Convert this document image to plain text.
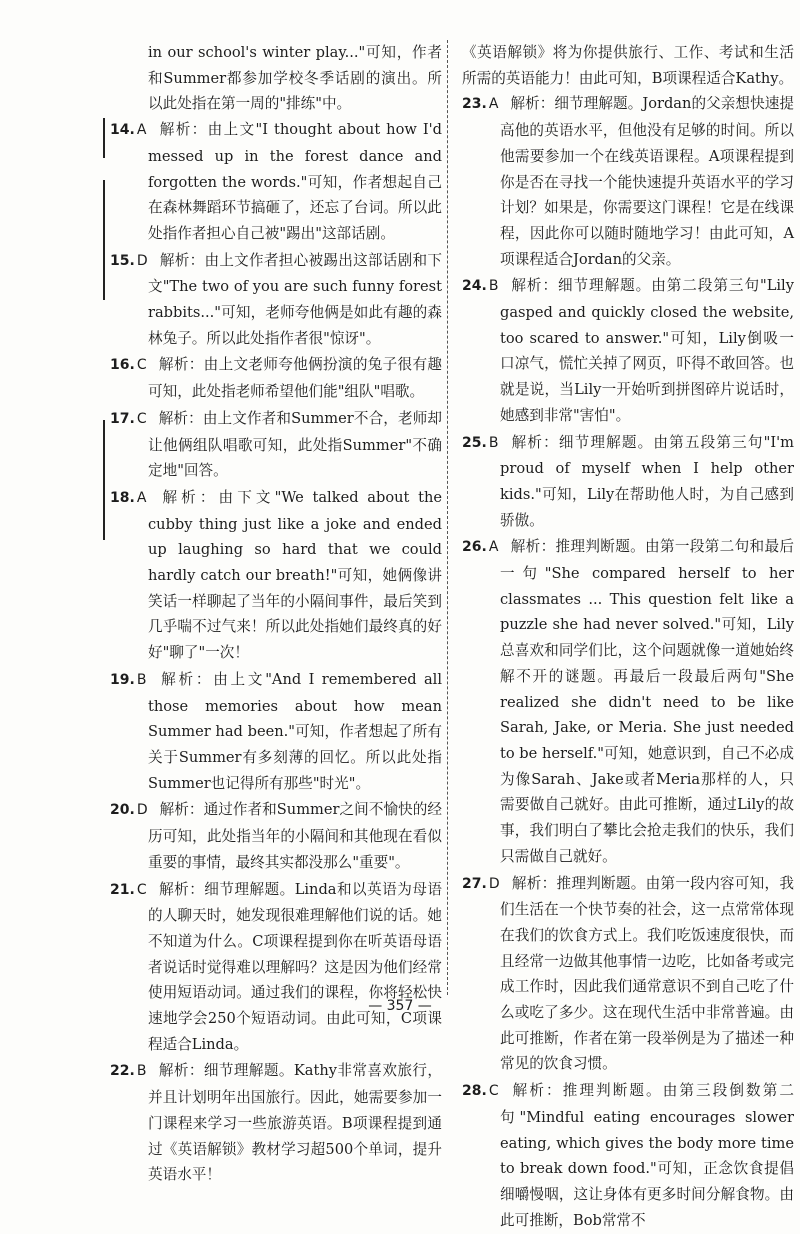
in our school's winter play..."可知，作者和Summer都参加学校冬季话剧的演出。所以此处指在第一周的"排练"中。
14. A 解析：由上文"I thought about how I'd messed up in the forest dance and forgotten the words."可知，作者想起自己在森林舞蹈环节搞砸了，还忘了台词。所以此处指作者担心自己被"踢出"这部话剧。
15. D 解析：由上文作者担心被踢出这部话剧和下文"The two of you are such funny forest rabbits..."可知，老师夸他俩是如此有趣的森林兔子。所以此处指作者很"惊讶"。
16. C 解析：由上文老师夸他俩扮演的兔子很有趣可知，此处指老师希望他们能"组队"唱歌。
17. C 解析：由上文作者和Summer不合，老师却让他俩组队唱歌可知，此处指Summer"不确定地"回答。
18. A 解析：由下文"We talked about the cubby thing just like a joke and ended up laughing so hard that we could hardly catch our breath!"可知，她俩像讲笑话一样聊起了当年的小隔间事件，最后笑到几乎喘不过气来！所以此处指她们最终真的好好"聊了"一次！
19. B 解析：由上文"And I remembered all those memories about how mean Summer had been."可知，作者想起了所有关于Summer有多刻薄的回忆。所以此处指Summer也记得所有那些"时光"。
20. D 解析：通过作者和Summer之间不愉快的经历可知，此处指当年的小隔间和其他现在看似重要的事情，最终其实都没那么"重要"。
21. C 解析：细节理解题。Linda和以英语为母语的人聊天时，她发现很难理解他们说的话。她不知道为什么。C项课程提到你在听英语母语者说话时觉得难以理解吗？这是因为他们经常使用短语动词。通过我们的课程，你将轻松快速地学会250个短语动词。由此可知，C项课程适合Linda。
22. B 解析：细节理解题。Kathy非常喜欢旅行，并且计划明年出国旅行。因此，她需要参加一门课程来学习一些旅游英语。B项课程提到通过《英语解锁》教材学习超500个单词，提升英语水平！
《英语解锁》将为你提供旅行、工作、考试和生活所需的英语能力！由此可知，B项课程适合Kathy。
23. A 解析：细节理解题。Jordan的父亲想快速提高他的英语水平，但他没有足够的时间。所以他需要参加一个在线英语课程。A项课程提到你是否在寻找一个能快速提升英语水平的学习计划？如果是，你需要这门课程！它是在线课程，因此你可以随时随地学习！由此可知，A项课程适合Jordan的父亲。
24. B 解析：细节理解题。由第二段第三句"Lily gasped and quickly closed the website, too scared to answer."可知，Lily倒吸一口凉气，慌忙关掉了网页，吓得不敢回答。也就是说，当Lily一开始听到拼图碎片说话时，她感到非常"害怕"。
25. B 解析：细节理解题。由第五段第三句"I'm proud of myself when I help other kids."可知，Lily在帮助他人时，为自己感到骄傲。
26. A 解析：推理判断题。由第一段第二句和最后一句"She compared herself to her classmates ... This question felt like a puzzle she had never solved."可知，Lily总喜欢和同学们比，这个问题就像一道她始终解不开的谜题。再最后一段最后两句"She realized she didn't need to be like Sarah, Jake, or Meria. She just needed to be herself."可知，她意识到，自己不必成为像Sarah、Jake或者Meria那样的人，只需要做自己就好。由此可推断，通过Lily的故事，我们明白了攀比会抢走我们的快乐，我们只需做自己就好。
27. D 解析：推理判断题。由第一段内容可知，我们生活在一个快节奏的社会，这一点常常体现在我们的饮食方式上。我们吃饭速度很快，而且经常一边做其他事情一边吃，比如备考或完成工作时，因此我们通常意识不到自己吃了什么或吃了多少。这在现代生活中非常普遍。由此可推断，作者在第一段举例是为了描述一种常见的饮食习惯。
28. C 解析：推理判断题。由第三段倒数第二句"Mindful eating encourages slower eating, which gives the body more time to break down food."可知，正念饮食提倡细嚼慢咽，这让身体有更多时间分解食物。由此可推断，Bob常常不
— 357 —
